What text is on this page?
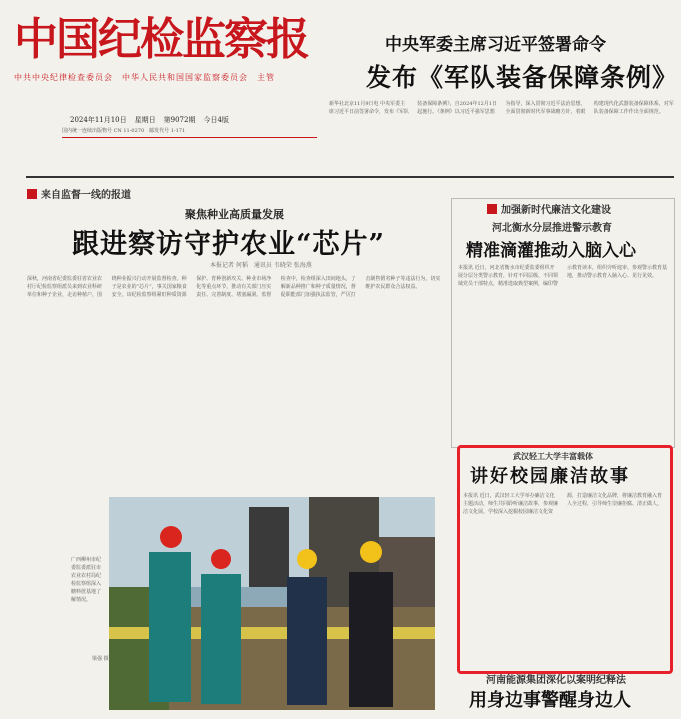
中国纪检监察报
中共中央纪律检查委员会　中华人民共和国国家监察委员会　主管
2024年11月10日 星期日 第9072期 今日4版
国内统一连续出版物号 CN 11-0270　邮发代号 1-171
中央军委主席习近平签署命令
发布《军队装备保障条例》
新华社北京11月9日电 中央军委主席习近平日前签署命令，发布《军队装备保障条例》，自2024年12月1日起施行。《条例》以习近平强军思想为指导，深入贯彻习近平法治思想，全面贯彻新时代军事战略方针，着眼构建现代化武器装备保障体系，对军队装备保障工作作出全面规范。
来自监督一线的报道
聚焦种业高质量发展
跟进察访守护农业“芯片”
本报记者 何韬　通讯员 韦晓荣 张海燕
深秋，河南省纪委监委驻省农业农村厅纪检监察组派员来到农业科研单位和种子企业，走访种植户，围绕种业振兴行动开展监督检查。种子是农业的“芯片”，事关国家粮食安全。该纪检监察组紧盯种质资源保护、育种创新攻关、种业市场净化等重点环节，推动有关部门压实责任、完善制度、堵塞漏洞。监督检查中，检查组深入田间地头，了解新品种推广和种子质量情况，督促职能部门加强执法监管，严厉打击制售假劣种子等违法行为，切实维护农民群众合法权益。
广西柳州市纪委监委派驻市农业农村局纪检监察组深入糖料蔗基地了解情况。
梁强 摄
加强新时代廉洁文化建设
河北衡水分层推进警示教育
精准滴灌推动入脑入心
本报讯 近日，河北省衡水市纪委监委组织开展分层分类警示教育，针对不同层级、不同领域党员干部特点，精准选取典型案例，编印警示教育读本，组织旁听庭审、参观警示教育基地，推动警示教育入脑入心、见行见效。
武汉轻工大学丰富载体
讲好校园廉洁故事
本报讯 近日，武汉轻工大学举办廉洁文化主题活动，师生共同聆听廉洁故事，参观廉洁文化展。学校深入挖掘校园廉洁文化资源，打造廉洁文化品牌，将廉洁教育融入育人全过程，引导师生崇廉拒腐、清正做人。
河南能源集团深化以案明纪释法
用身边事警醒身边人
